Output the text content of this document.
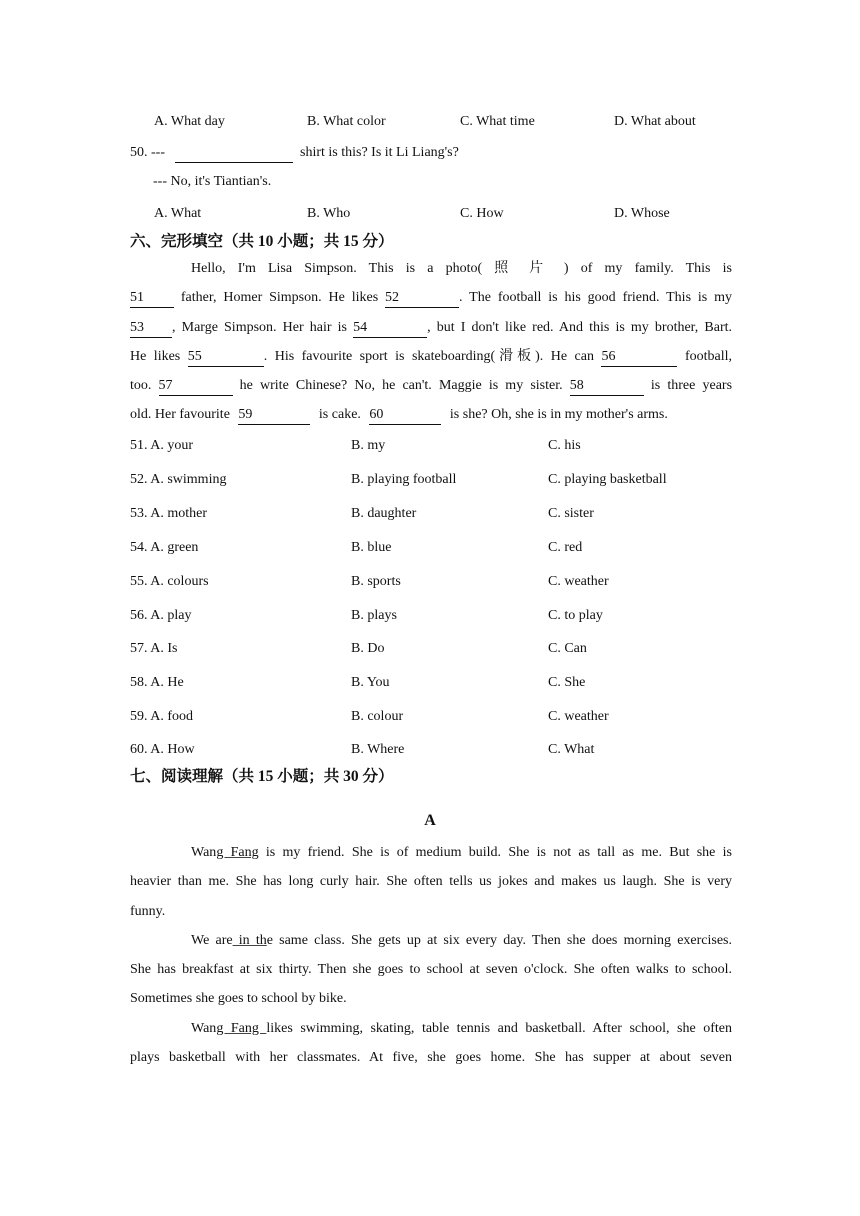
A. What day	B. What color	C. What time	D. What about
50. ---	shirt is this? Is it Li Liang's?
--- No, it's Tiantian's.
A. What	B. Who	C. How	D. Whose
六、完形填空（共 10 小题；共 15 分）
Hello, I'm Lisa Simpson. This is a photo( 照 片 ) of my family. This is
51	father, Homer Simpson. He likes 52	. The football is his good friend. This is my
53 , Marge Simpson. Her hair is 54	, but I don't like red. And this is my brother, Bart.
He likes 55	. His favourite sport is skateboarding(滑板). He can 56	football,
too. 57	he write Chinese? No, he can't. Maggie is my sister. 58	is three years
old. Her favourite 59	is cake. 60	is she? Oh, she is in my mother's arms.
51. A. your	B. my	C. his
52. A. swimming	B. playing football	C. playing basketball
53. A. mother	B. daughter	C. sister
54. A. green	B. blue	C. red
55. A. colours	B. sports	C. weather
56. A. play	B. plays	C. to play
57. A. Is	B. Do	C. Can
58. A. He	B. You	C. She
59. A. food	B. colour	C. weather
60. A. How	B. Where	C. What
七、阅读理解（共 15 小题；共 30 分）
A
Wang Fang is my friend. She is of medium build. She is not as tall as me. But she is
heavier than me. She has long curly hair. She often tells us jokes and makes us laugh. She is very
funny.
We are in the same class. She gets up at six every day. Then she does morning exercises.
She has breakfast at six thirty. Then she goes to school at seven o'clock. She often walks to school.
Sometimes she goes to school by bike.
Wang Fang likes swimming, skating, table tennis and basketball. After school, she often
plays basketball with her classmates. At five, she goes home. She has supper at about seven
